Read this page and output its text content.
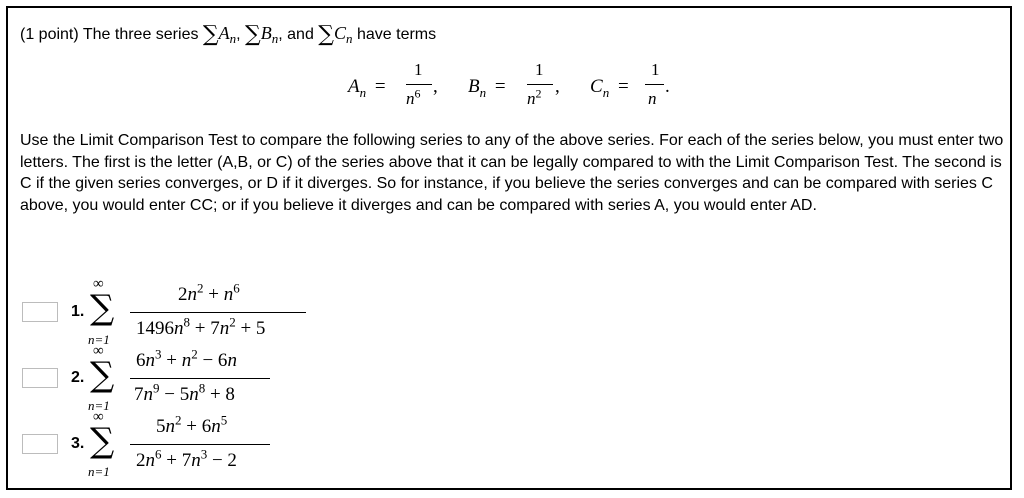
(1 point) The three series $\sum A_n$, $\sum B_n$, and $\sum C_n$ have terms
$A_n$ =
1
$n^6$ , $B_n$ =
1
$n^2$ , $C_n$ =
1
n
.

Use the Limit Comparison Test to compare the following series to any of the above series. For each of the series below, you must enter two letters. The first is the letter (A,B, or C) of the series above that it can be legally compared to with the Limit Comparison Test. The second is C if the given series converges, or D if it diverges. So for instance, if you believe the series converges and can be compared with series C above, you would enter CC; or if you believe it diverges and can be compared with series A, you would enter AD.

1.
∞
∑
n=1
$2n^2 + n^6$
$1496n^8 + 7n^2 + 5$
2.
∞
∑
n=1
$6n^3 + n^2 - 6n$
$7n^9 - 5n^8 + 8$
3.
∞
∑
n=1
$5n^2 + 6n^5$
$2n^6 + 7n^3 - 2$
